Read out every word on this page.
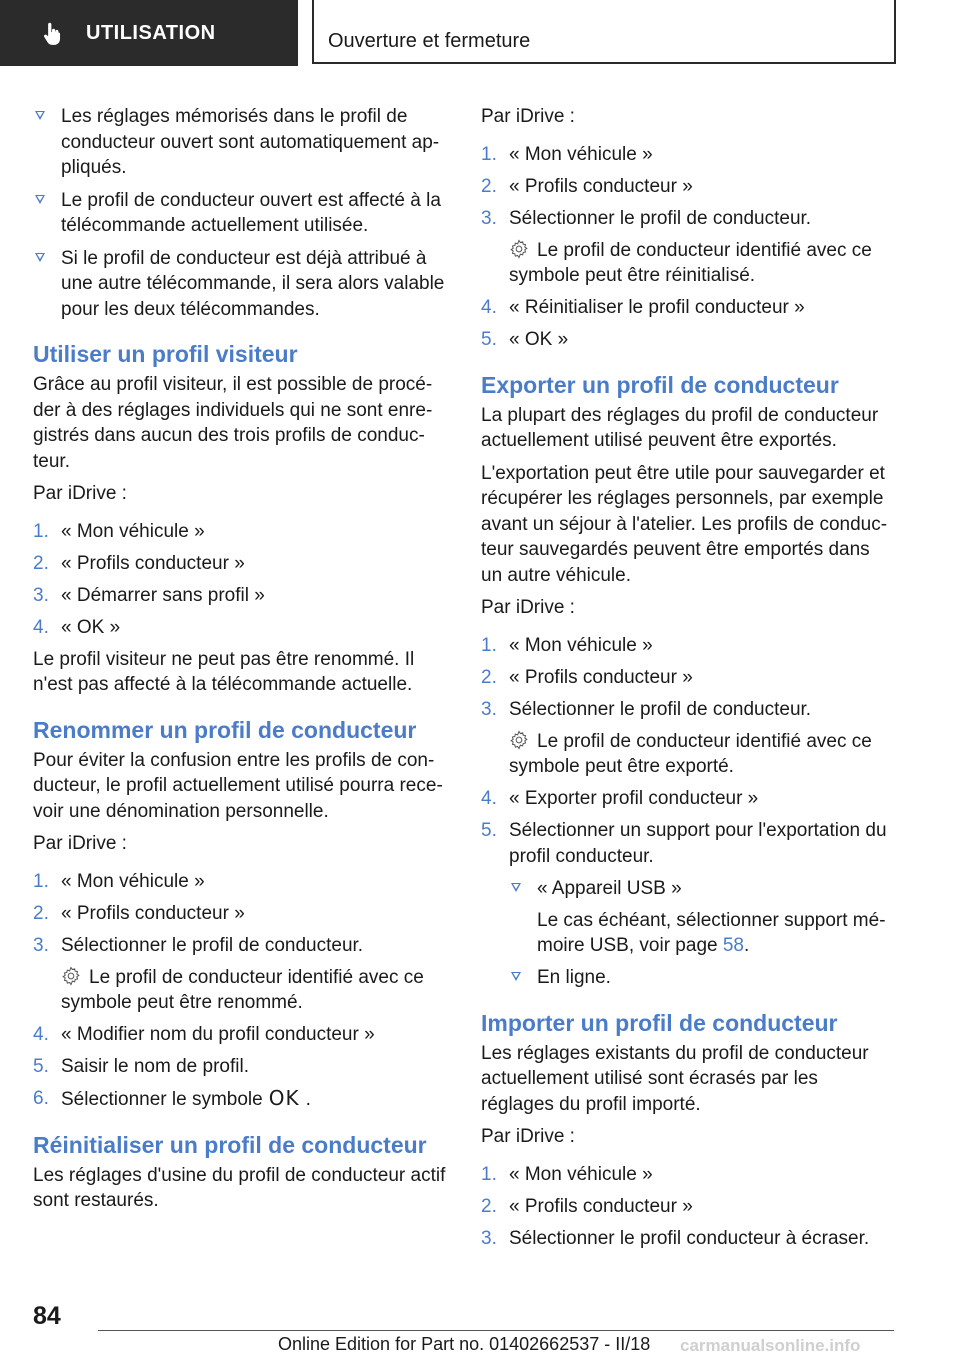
UTILISATION	Ouverture et fermeture
Les réglages mémorisés dans le profil de conducteur ouvert sont automatiquement appliqués.
Le profil de conducteur ouvert est affecté à la télécommande actuellement utilisée.
Si le profil de conducteur est déjà attribué à une autre télécommande, il sera alors valable pour les deux télécommandes.
Utiliser un profil visiteur

Grâce au profil visiteur, il est possible de procéder à des réglages individuels qui ne sont enregistrés dans aucun des trois profils de conducteur.

Par iDrive :

1. « Mon véhicule »
2. « Profils conducteur »
3. « Démarrer sans profil »
4. « OK »

Le profil visiteur ne peut pas être renommé. Il n'est pas affecté à la télécommande actuelle.

Renommer un profil de conducteur

Pour éviter la confusion entre les profils de conducteur, le profil actuellement utilisé pourra recevoir une dénomination personnelle.

Par iDrive :

1. « Mon véhicule »
2. « Profils conducteur »
3. Sélectionner le profil de conducteur.
Le profil de conducteur identifié avec ce symbole peut être renommé.
4. « Modifier nom du profil conducteur »
5. Saisir le nom de profil.
6. Sélectionner le symbole OK .
Réinitialiser un profil de conducteur

Les réglages d'usine du profil de conducteur actif sont restaurés.

Par iDrive :

1. « Mon véhicule »
2. « Profils conducteur »
3. Sélectionner le profil de conducteur.
Le profil de conducteur identifié avec ce symbole peut être réinitialisé.
4. « Réinitialiser le profil conducteur »
5. « OK »
Exporter un profil de conducteur

La plupart des réglages du profil de conducteur actuellement utilisé peuvent être exportés.

L'exportation peut être utile pour sauvegarder et récupérer les réglages personnels, par exemple avant un séjour à l'atelier. Les profils de conducteur sauvegardés peuvent être emportés dans un autre véhicule.

Par iDrive :

1. « Mon véhicule »
2. « Profils conducteur »
3. Sélectionner le profil de conducteur.
Le profil de conducteur identifié avec ce symbole peut être exporté.
4. « Exporter profil conducteur »
5. Sélectionner un support pour l'exportation du profil conducteur.
« Appareil USB »
Le cas échéant, sélectionner support mémoire USB, voir page 58.
En ligne.
Importer un profil de conducteur

Les réglages existants du profil de conducteur actuellement utilisé sont écrasés par les réglages du profil importé.

Par iDrive :

1. « Mon véhicule »
2. « Profils conducteur »
3. Sélectionner le profil conducteur à écraser.
84
Online Edition for Part no. 01402662537 - II/18 carmanualsonline.info
